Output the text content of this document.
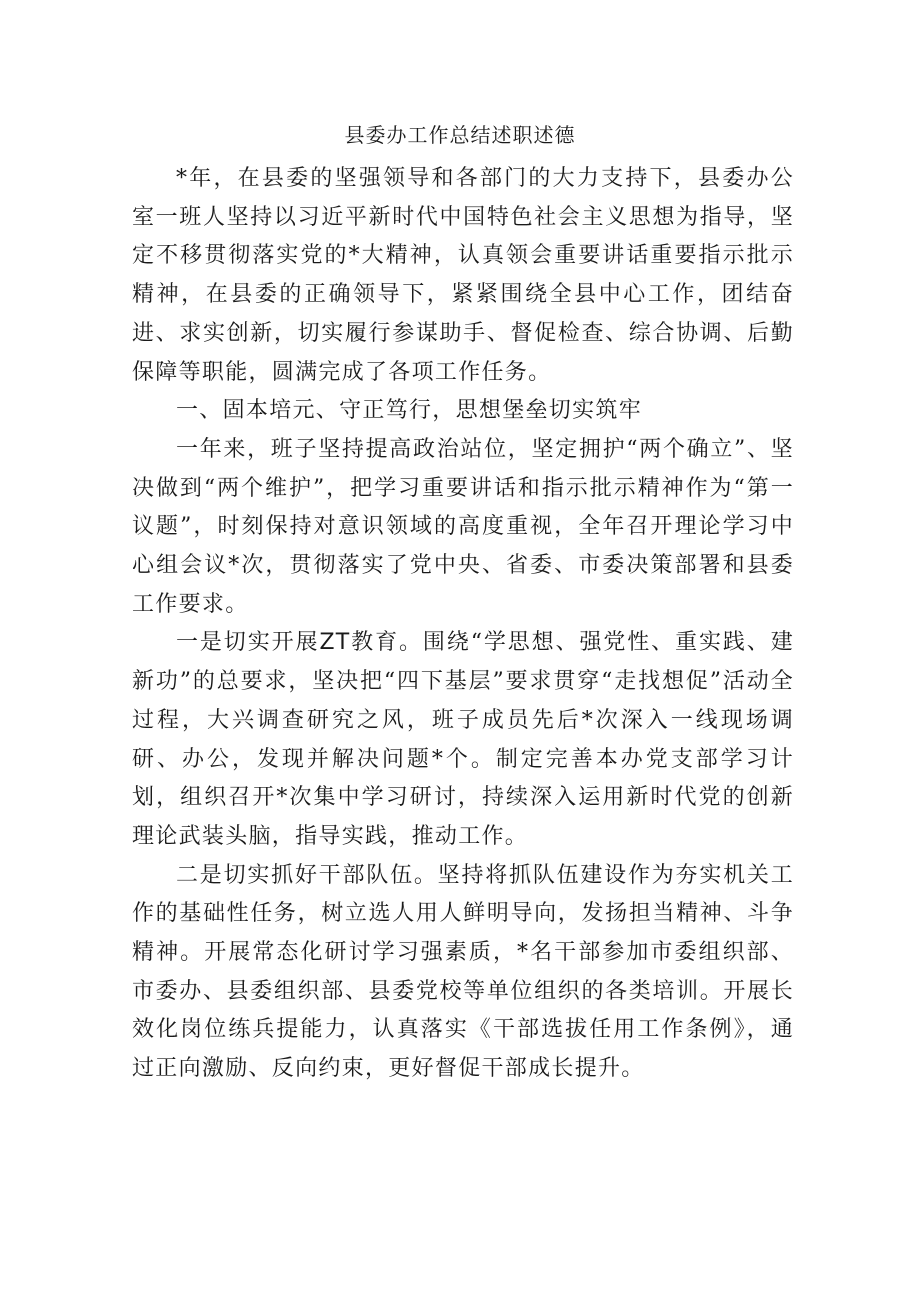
县委办工作总结述职述德

*年，在县委的坚强领导和各部门的大力支持下，县委办公室一班人坚持以习近平新时代中国特色社会主义思想为指导，坚定不移贯彻落实党的*大精神，认真领会重要讲话重要指示批示精神，在县委的正确领导下，紧紧围绕全县中心工作，团结奋进、求实创新，切实履行参谋助手、督促检查、综合协调、后勤保障等职能，圆满完成了各项工作任务。

一、固本培元、守正笃行，思想堡垒切实筑牢

一年来，班子坚持提高政治站位，坚定拥护“两个确立”、坚决做到“两个维护”，把学习重要讲话和指示批示精神作为“第一议题”，时刻保持对意识领域的高度重视，全年召开理论学习中心组会议*次，贯彻落实了党中央、省委、市委决策部署和县委工作要求。

一是切实开展ZT教育。围绕“学思想、强党性、重实践、建新功”的总要求，坚决把“四下基层”要求贯穿“走找想促”活动全过程，大兴调查研究之风，班子成员先后*次深入一线现场调研、办公，发现并解决问题*个。制定完善本办党支部学习计划，组织召开*次集中学习研讨，持续深入运用新时代党的创新理论武装头脑，指导实践，推动工作。

二是切实抓好干部队伍。坚持将抓队伍建设作为夯实机关工作的基础性任务，树立选人用人鲜明导向，发扬担当精神、斗争精神。开展常态化研讨学习强素质，*名干部参加市委组织部、市委办、县委组织部、县委党校等单位组织的各类培训。开展长效化岗位练兵提能力，认真落实《干部选拔任用工作条例》，通过正向激励、反向约束，更好督促干部成长提升。
